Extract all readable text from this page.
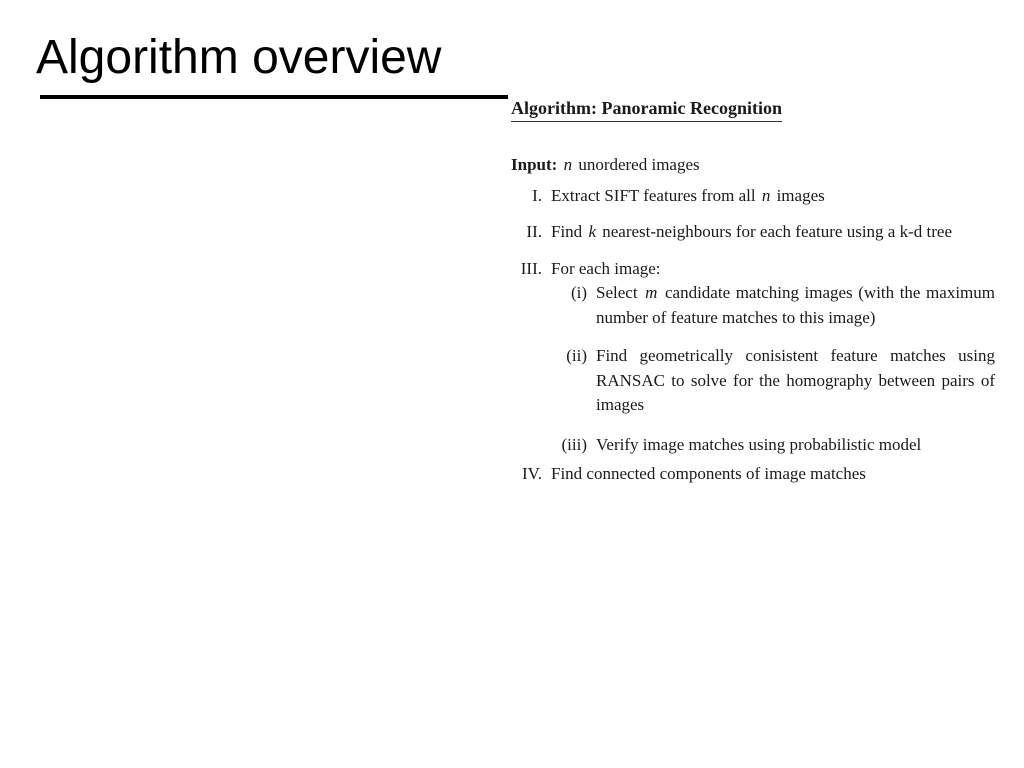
Algorithm overview
Algorithm: Panoramic Recognition
Input: n unordered images
I. Extract SIFT features from all n images
II. Find k nearest-neighbours for each feature using a k-d tree
III. For each image:
(i) Select m candidate matching images (with the maximum number of feature matches to this image)
(ii) Find geometrically conisistent feature matches using RANSAC to solve for the homography between pairs of images
(iii) Verify image matches using probabilistic model
IV. Find connected components of image matches
